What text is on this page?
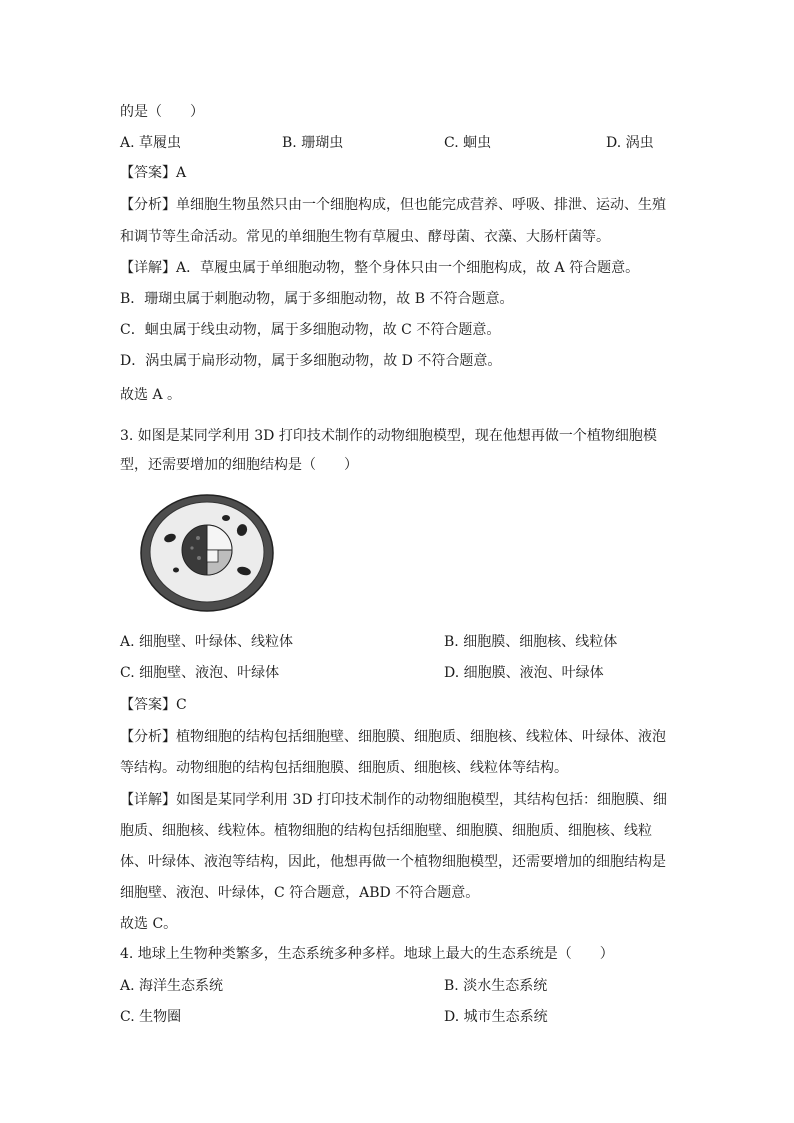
的是（　　）
A. 草履虫	B. 珊瑚虫	C. 蛔虫	D. 涡虫
【答案】A
【分析】单细胞生物虽然只由一个细胞构成，但也能完成营养、呼吸、排泄、运动、生殖
和调节等生命活动。常见的单细胞生物有草履虫、酵母菌、衣藻、大肠杆菌等。
【详解】A．草履虫属于单细胞动物，整个身体只由一个细胞构成，故 A 符合题意。
B．珊瑚虫属于刺胞动物，属于多细胞动物，故 B 不符合题意。
C．蛔虫属于线虫动物，属于多细胞动物，故 C 不符合题意。
D．涡虫属于扁形动物，属于多细胞动物，故 D 不符合题意。
故选 A 。
3. 如图是某同学利用 3D 打印技术制作的动物细胞模型，现在他想再做一个植物细胞模
型，还需要增加的细胞结构是（　　）
A. 细胞壁、叶绿体、线粒体	B. 细胞膜、细胞核、线粒体
C. 细胞壁、液泡、叶绿体	D. 细胞膜、液泡、叶绿体
【答案】C
【分析】植物细胞的结构包括细胞壁、细胞膜、细胞质、细胞核、线粒体、叶绿体、液泡
等结构。动物细胞的结构包括细胞膜、细胞质、细胞核、线粒体等结构。
【详解】如图是某同学利用 3D 打印技术制作的动物细胞模型，其结构包括：细胞膜、细
胞质、细胞核、线粒体。植物细胞的结构包括细胞壁、细胞膜、细胞质、细胞核、线粒
体、叶绿体、液泡等结构，因此，他想再做一个植物细胞模型，还需要增加的细胞结构是
细胞壁、液泡、叶绿体，C 符合题意，ABD 不符合题意。
故选 C。
4. 地球上生物种类繁多，生态系统多种多样。地球上最大的生态系统是（　　）
A. 海洋生态系统	B. 淡水生态系统
C. 生物圈	D. 城市生态系统
